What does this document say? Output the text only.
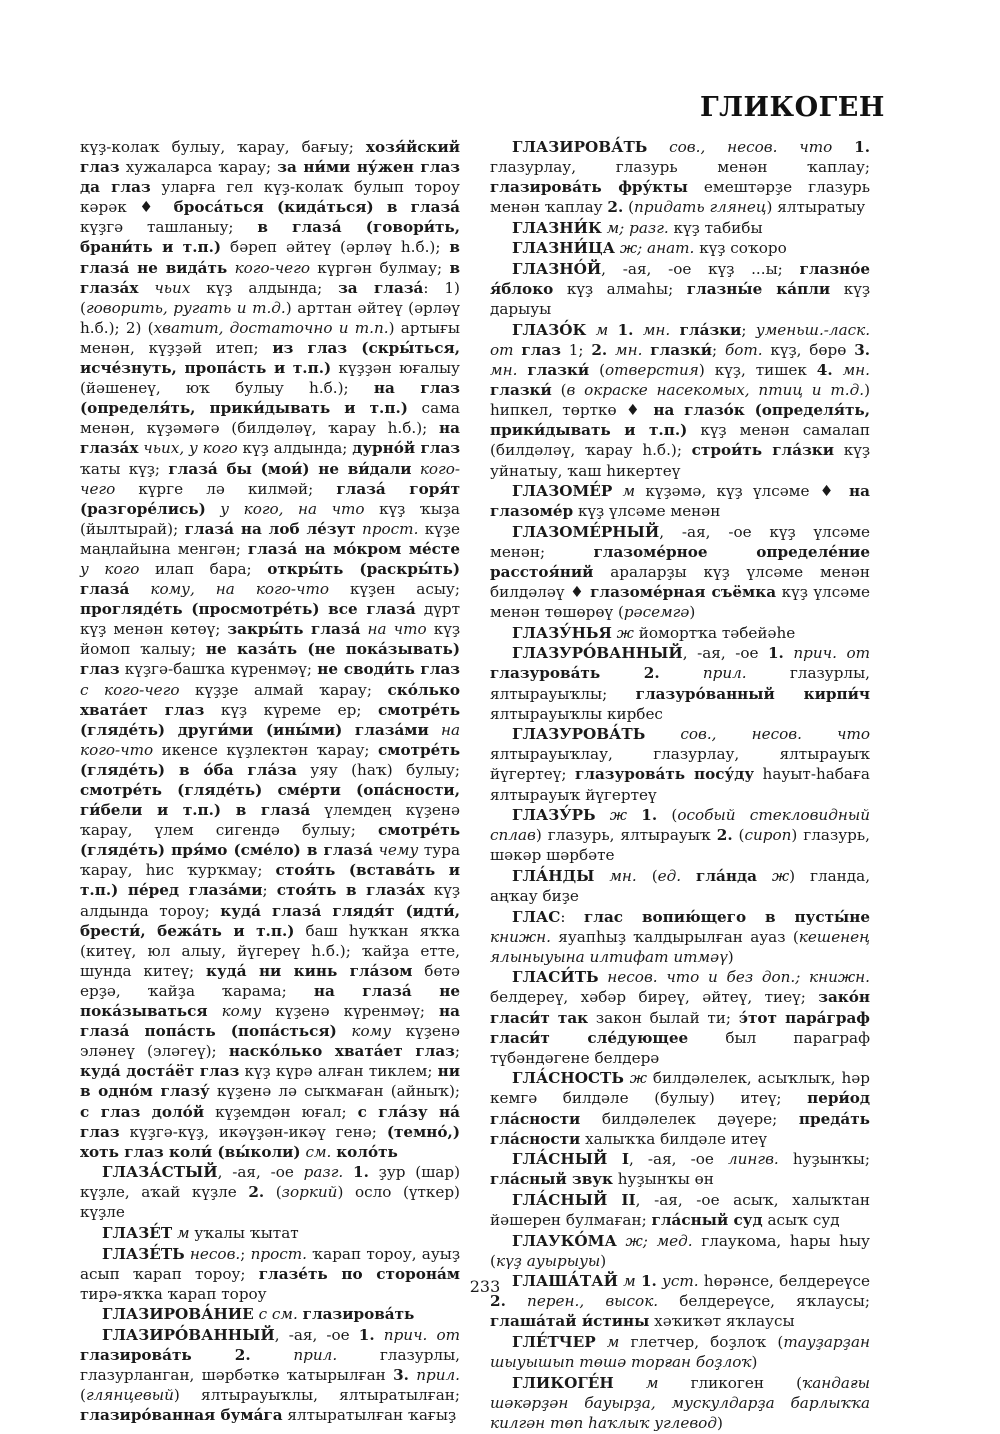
ГЛИКОГЕН

күҙ-колаҡ булыу, ҡарау, бағыу; хозя́йский глаз хужаларса ҡарау; за ни́ми ну́жен глаз да глаз уларға гел күҙ-колаҡ булып тороу кәрәк ♦ броса́ться (кида́ться) в глаза́ күҙгә ташланыу; в глаза́ (говори́ть, брани́ть и т.п.) бәреп әйтеү (әрләү һ.б.); в глаза́ не вида́ть кого-чего күргән булмау; в глаза́х чьих күҙ алдында; за глаза́: 1) (говорить, ругать и т.д.) арттан әйтеү (әрләү һ.б.); 2) (хватит, достаточно и т.п.) артығы менән, күҙҙәй итеп; из глаз (скры́ться, исче́знуть, пропа́сть и т.п.) күҙҙән юғалыу (йәшенеү, юҡ булыу һ.б.); на глаз (определя́ть, прики́дывать и т.п.) сама менән, күҙәмәгә (билдәләү, ҡарау һ.б.); на глаза́х чьих, у кого күҙ алдында; дурно́й глаз ҡаты күҙ; глаза́ бы (мои́) не ви́дали кого-чего күрге лә килмәй; глаза́ горя́т (разгоре́лись) у кого, на что күҙ ҡыҙа (йылтырай); глаза́ на лоб ле́зут прост. күҙе маңлайына менгән; глаза́ на мо́кром ме́сте у кого илап бара; откры́ть (раскры́ть) глаза́ кому, на кого-что күҙен асыу; прогляде́ть (просмотре́ть) все глаза́ дүрт күҙ менән көтөү; закры́ть глаза́ на что күҙ йомоп ҡалыу; не каза́ть (не пока́зывать) глаз күҙгә-башҡа күренмәү; не своди́ть глаз с кого-чего күҙҙе алмай ҡарау; ско́лько хвата́ет глаз күҙ күреме ер; смотре́ть (гляде́ть) други́ми (ины́ми) глаза́ми на кого-что икенсе күҙлектән ҡарау; смотре́ть (гляде́ть) в о́ба гла́за уяу (һаҡ) булыу; смотре́ть (гляде́ть) сме́рти (опа́сности, ги́бели и т.п.) в глаза́ үлемдең күҙенә ҡарау, үлем сигендә булыу; смотре́ть (гляде́ть) пря́мо (сме́ло) в глаза́ чему тура ҡарау, һис ҡурҡмау; стоя́ть (встава́ть и т.п.) пе́ред глаза́ми; стоя́ть в глаза́х күҙ алдында тороу; куда́ глаза́ глядя́т (идти́, брести́, бежа́ть и т.п.) баш һуҡҡан яҡҡа (китеү, юл алыу, йүгереү һ.б.); ҡайҙа етте, шунда китеү; куда́ ни кинь гла́зом бөтә ерҙә, ҡайҙа ҡарама; на глаза́ не пока́зываться кому күҙенә күренмәү; на глаза́ попа́сть (попа́сться) кому күҙенә эләнеү (эләгеү); наско́лько хвата́ет глаз; куда́ доста́ёт глаз күҙ күрә алған тиклем; ни в одно́м глазу́ күҙенә лә сыҡмаған (айныҡ); с глаз доло́й күҙемдән юғал; с гла́зу на́ глаз күҙгә-күҙ, икәүҙән-икәү генә; (темно́,) хоть глаз коли́ (вы́коли) см. коло́ть

ГЛАЗА́СТЫЙ, -ая, -ое разг. 1. ҙур (шар) күҙле, аҡай күҙле 2. (зоркий) осло (үткер) күҙле

ГЛАЗЕ́Т м уҡалы ҡытат

ГЛАЗЕ́ТЬ несов.; прост. ҡарап тороу, ауыҙ асып ҡарап тороу; глазе́ть по сторона́м тирә-яҡҡа ҡарап тороу

ГЛАЗИРОВА́НИЕ с см. глазирова́ть

ГЛАЗИРО́ВАННЫЙ, -ая, -ое 1. прич. от глазирова́ть 2.	прил. глазурлы, глазурланган, шәрбәткә ҡатырылған 3. прил. (глянцевый) ялтырауыҡлы, ялтыратылған; глазиро́ванная бума́га ялтыратылған ҡағыҙ

ГЛАЗИРОВА́ТЬ сов., несов. что 1. глазурлау, глазурь менән ҡаплау; глазирова́ть фру́кты емештәрҙе глазурь менән ҡаплау 2. (придать глянец) ялтыратыу

ГЛАЗНИ́К м; разг. күҙ табибы

ГЛАЗНИ́ЦА ж; анат. күҙ соҡоро

ГЛАЗНО́Й, -ая, -ое күҙ ...ы; глазно́е я́блоко күҙ алмаһы; глазны́е ка́пли күҙ дарыуы

ГЛАЗО́К м 1. мн. гла́зки; уменьш.-ласк. от глаз 1; 2. мн. глазки́; бот. күҙ, бөрө 3. мн. глазки́ (отверстия) күҙ, тишек 4. мн. глазки́ (в окраске насекомых, птиц и т.д.) һипкел, төрткө ♦ на глазо́к (определя́ть, прики́дывать и т.п.) күҙ менән самалап (билдәләү, ҡарау һ.б.); строи́ть гла́зки күҙ уйнатыу, ҡаш һикертеү

ГЛАЗОМЕ́Р м күҙәмә, күҙ үлсәме ♦ на глазоме́р күҙ үлсәме менән

ГЛАЗОМЕ́РНЫЙ, -ая, -ое күҙ үлсәме менән; глазоме́рное определе́ние расстоя́ний араларҙы күҙ үлсәме менән билдәләү ♦ глазоме́рная съёмка күҙ үлсәме менән төшөрөү (рәсемгә)

ГЛАЗУ́НЬЯ ж йомортҡа тәбейәһе

ГЛАЗУРО́ВАННЫЙ, -ая, -ое 1. прич. от глазурова́ть 2.	прил. глазурлы, ялтырауыҡлы; глазуро́ванный кирпи́ч ялтырауыҡлы кирбес

ГЛАЗУРОВА́ТЬ сов., несов. что ялтырауыҡлау, глазурлау, ялтырауыҡ йүгертеү; глазурова́ть посу́ду һауыт-һабаға ялтырауыҡ йүгертеү

ГЛАЗУ́РЬ ж 1. (особый стекловидный сплав) глазурь, ялтырауыҡ 2. (сироп) глазурь, шәкәр шәрбәте

ГЛА́НДЫ мн. (ед. гла́нда ж) гланда, аңҡау биҙе

ГЛАС: глас вопию́щего в пусты́не книжн. яуапһыҙ ҡалдырылған ауаз (кешенең ялыныуына илтифат итмәү)

ГЛАСИ́ТЬ несов. что и без доп.; книжн. белдереү, хәбәр биреү, әйтеү, тиеү; зако́н гласи́т так закон былай ти; э́тот пара́граф гласи́т сле́дующее был параграф түбәндәгене белдерә

ГЛА́СНОСТЬ ж билдәлелек, асыҡлыҡ, һәр кемгә билдәле (булыу) итеү; пери́од гла́сности билдәлелек дәүере; преда́ть гла́сности халыҡҡа билдәле итеү

ГЛА́СНЫЙ I, -ая, -ое лингв. һуҙынҡы; гла́сный звук һуҙынҡы өн

ГЛА́СНЫЙ II, -ая, -ое асыҡ, халыҡтан йәшерен булмаған; гла́сный суд асыҡ суд

ГЛАУКО́МА ж; мед. глаукома, һары һыу (күҙ ауырыуы)

ГЛАША́ТАЙ м 1. уст. һөрәнсе, белдереүсе 2. перен., высок. белдереүсе, яҡлаусы; глаша́тай и́стины хәҡиҡәт яҡлаусы

ГЛЕ́ТЧЕР м глетчер, боҙлоҡ (тауҙарҙан шыуышып төшә торған боҙлоҡ)

ГЛИКОГЕ́Н м гликоген (ҡандағы шәкәрҙән бауырҙа, мускулдарҙа барлыҡҡа килгән төп һаҡлыҡ углевод)

233
